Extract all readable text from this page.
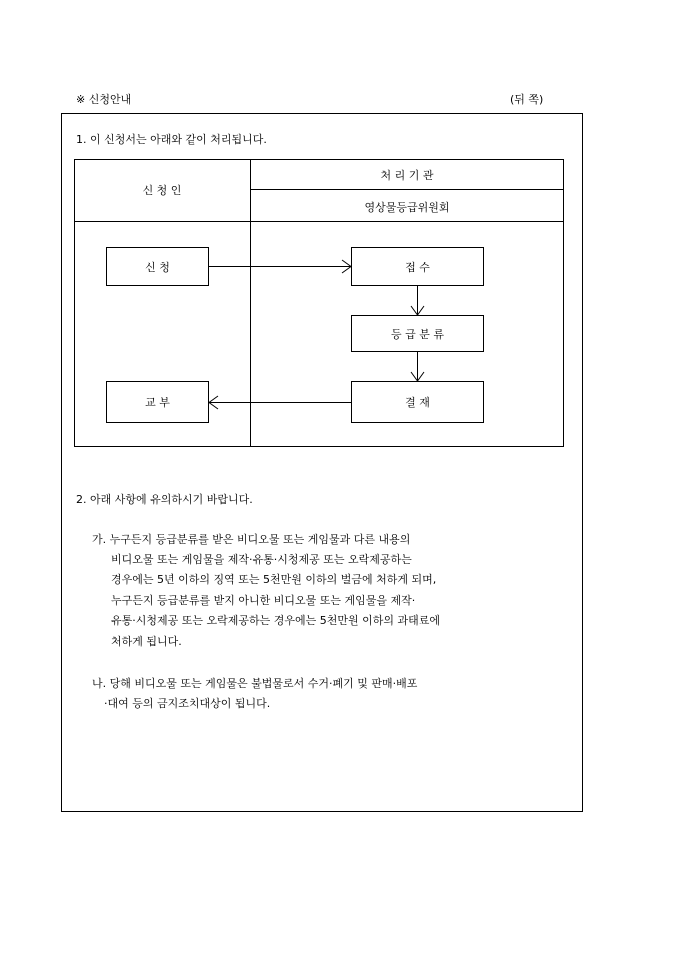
※ 신청안내	(뒤 쪽)
1. 이 신청서는 아래와 같이 처리됩니다.
신 청 인
처 리 기 관
영상물등급위원회
신 청
교 부
접 수
등 급 분 류
결 재
2. 아래 사항에 유의하시기 바랍니다.
가. 누구든지 등급분류를 받은 비디오물 또는 게임물과 다른 내용의
비디오물 또는 게임물을 제작·유통·시청제공 또는 오락제공하는
경우에는 5년 이하의 징역 또는 5천만원 이하의 벌금에 처하게 되며,
누구든지 등급분류를 받지 아니한 비디오물 또는 게임물을 제작·
유통·시청제공 또는 오락제공하는 경우에는 5천만원 이하의 과태료에
처하게 됩니다.
나. 당해 비디오물 또는 게임물은 불법물로서 수거·폐기 및 판매·배포
·대여 등의 금지조치대상이 됩니다.
